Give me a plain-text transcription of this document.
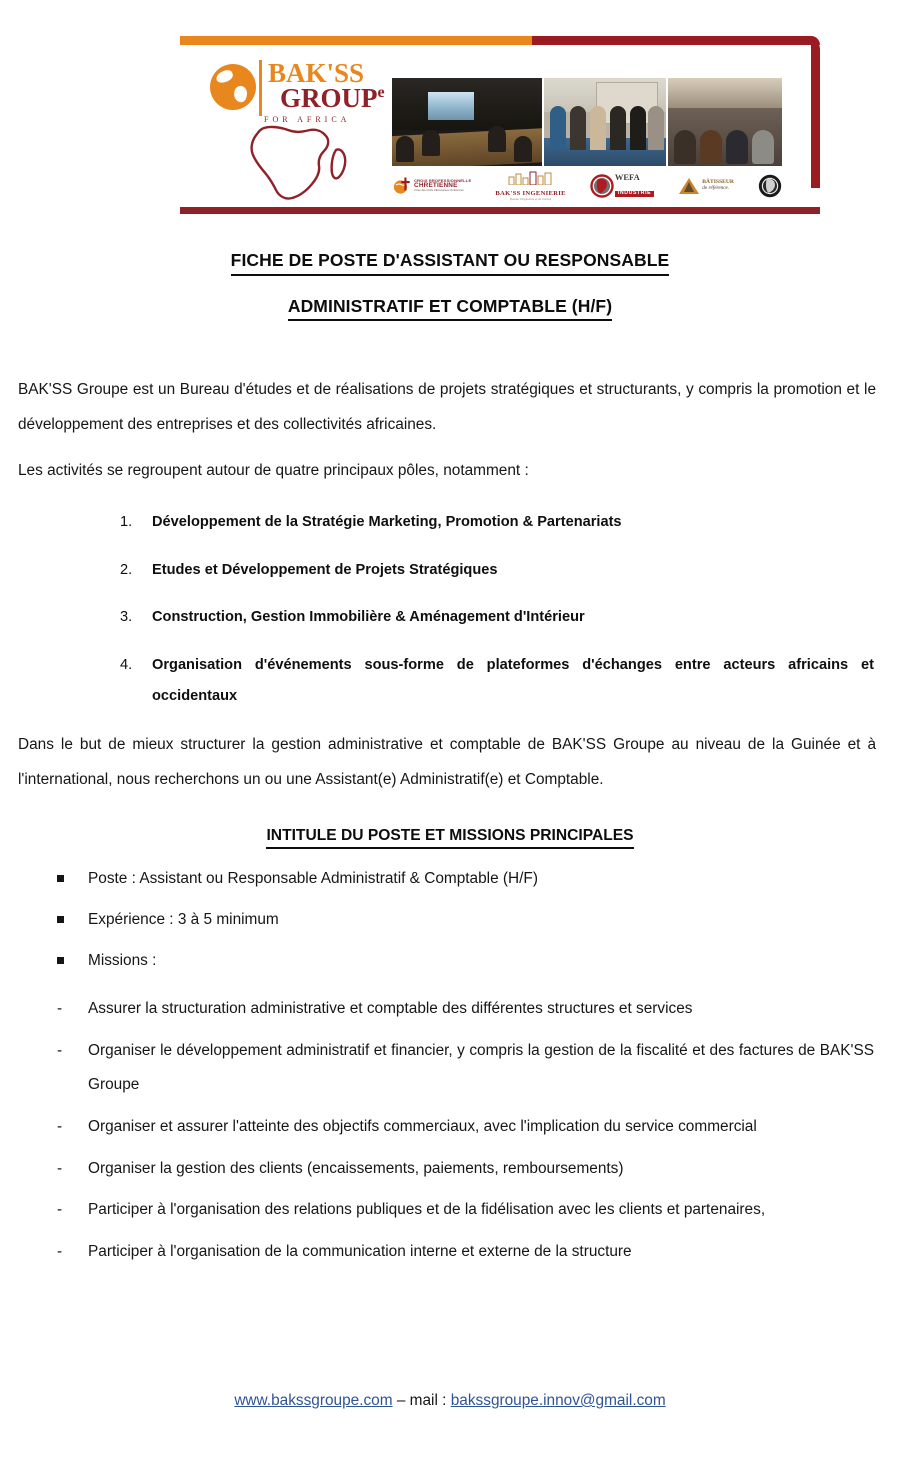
BAK'SS
GROUP$^e$
FOR AFRICA
CROIX PROFESSIONNELLE
CHRÉTIENNE
Union des Chefs d'Entreprises Chrétiennes	BAK'SS INGENIERIE
Bureau d'Ingénierie et de Conseil
WEFA
INDUSTRIE
BÂTISSEUR
de référence.
FICHE DE POSTE D'ASSISTANT OU RESPONSABLE
ADMINISTRATIF ET COMPTABLE (H/F)

BAK'SS Groupe est un Bureau d'études et de réalisations de projets stratégiques et structurants, y compris la promotion et le développement des entreprises et des collectivités africaines.

Les activités se regroupent autour de quatre principaux pôles, notamment :

1. Développement de la Stratégie Marketing, Promotion & Partenariats
2. Etudes et Développement de Projets Stratégiques
3. Construction, Gestion Immobilière & Aménagement d'Intérieur
4. Organisation d'événements sous-forme de plateformes d'échanges entre acteurs africains et occidentaux

Dans le but de mieux structurer la gestion administrative et comptable de BAK'SS Groupe au niveau de la Guinée et à l'international, nous recherchons un ou une Assistant(e) Administratif(e) et Comptable.

INTITULE DU POSTE ET MISSIONS PRINCIPALES
Poste : Assistant ou Responsable Administratif & Comptable (H/F)
Expérience : 3 à 5 minimum
Missions :
- Assurer la structuration administrative et comptable des différentes structures et services
- Organiser le développement administratif et financier, y compris la gestion de la fiscalité et des factures de BAK'SS Groupe
- Organiser et assurer l'atteinte des objectifs commerciaux, avec l'implication du service commercial
- Organiser la gestion des clients (encaissements, paiements, remboursements)
- Participer à l'organisation des relations publiques et de la fidélisation avec les clients et partenaires,
- Participer à l'organisation de la communication interne et externe de la structure
www.bakssgroupe.com – mail : bakssgroupe.innov@gmail.com
